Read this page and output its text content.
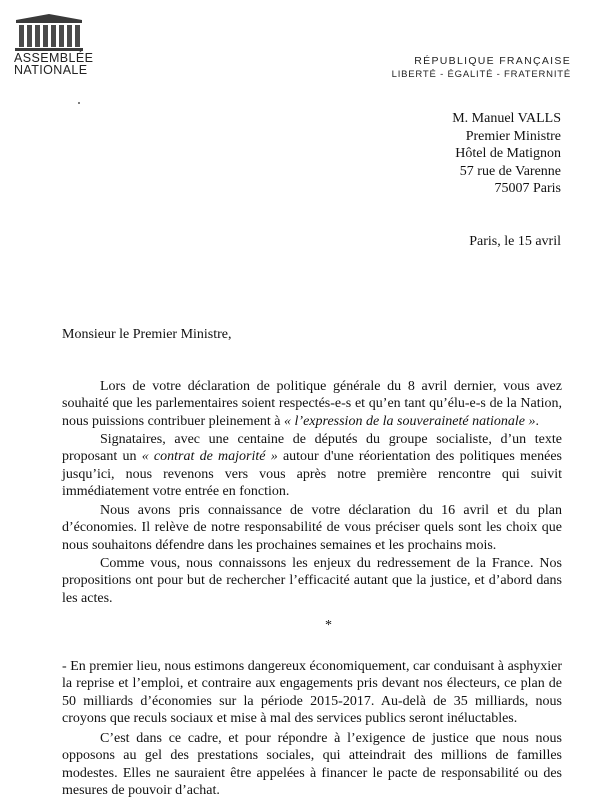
ASSEMBLÉE
NATIONALE
RÉPUBLIQUE FRANÇAISE
LIBERTÉ - ÉGALITÉ - FRATERNITÉ
M. Manuel VALLS
Premier Ministre
Hôtel de Matignon
57 rue de Varenne
75007 Paris
Paris, le 15 avril
Monsieur le Premier Ministre,

Lors de votre déclaration de politique générale du 8 avril dernier, vous avez souhaité que les parlementaires soient respectés-e-s et qu’en tant qu’élu-e-s de la Nation, nous puissions contribuer pleinement à « l’expression de la souveraineté nationale ».

Signataires, avec une centaine de députés du groupe socialiste, d’un texte proposant un « contrat de majorité » autour d'une réorientation des politiques menées jusqu’ici, nous revenons vers vous après notre première rencontre qui suivit immédiatement votre entrée en fonction.

Nous avons pris connaissance de votre déclaration du 16 avril et du plan d’économies. Il relève de notre responsabilité de vous préciser quels sont les choix que nous souhaitons défendre dans les prochaines semaines et les prochains mois.

Comme vous, nous connaissons les enjeux du redressement de la France. Nos propositions ont pour but de rechercher l’efficacité autant que la justice, et d’abord dans les actes.

*

- En premier lieu, nous estimons dangereux économiquement, car conduisant à asphyxier la reprise et l’emploi, et contraire aux engagements pris devant nos électeurs, ce plan de 50 milliards d’économies sur la période 2015-2017. Au-delà de 35 milliards, nous croyons que reculs sociaux et mise à mal des services publics seront inéluctables.

C’est dans ce cadre, et pour répondre à l’exigence de justice que nous nous opposons au gel des prestations sociales, qui atteindrait des millions de familles modestes. Elles ne sauraient être appelées à financer le pacte de responsabilité ou des mesures de pouvoir d’achat.
